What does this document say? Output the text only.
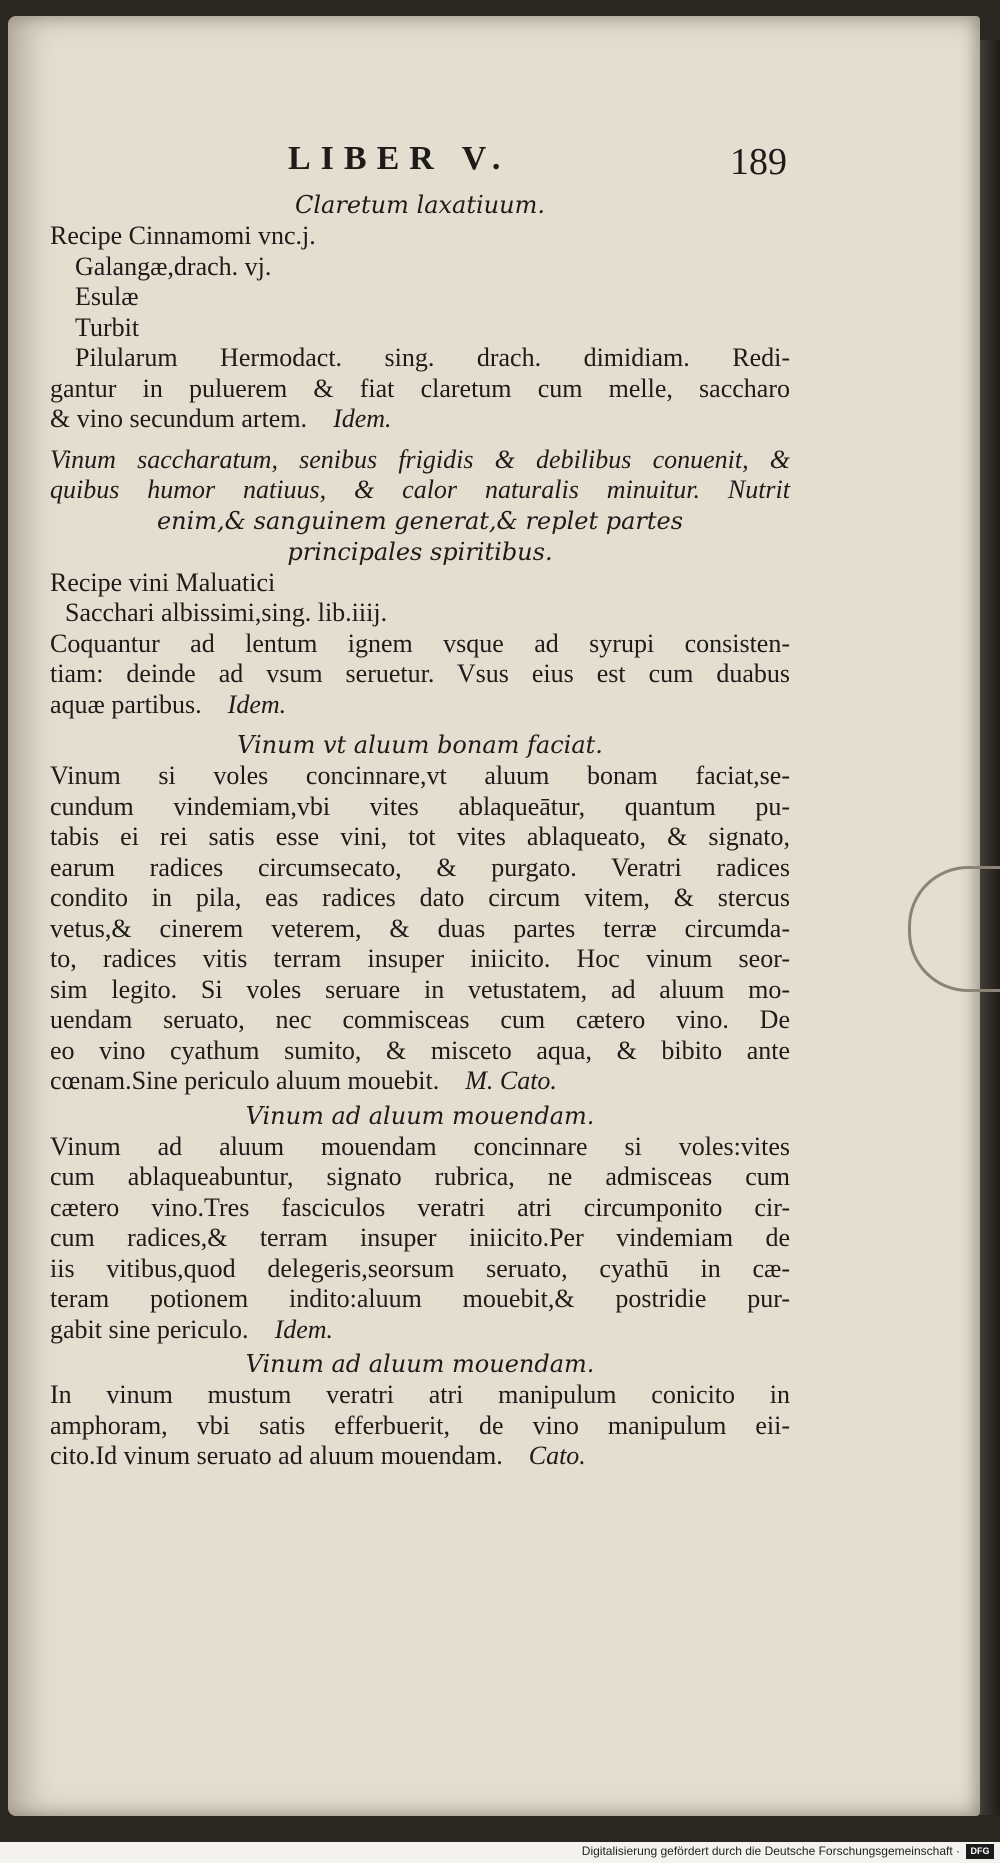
LIBER V.	189

Claretum laxatiuum.

Recipe Cinnamomi vnc.j.

Galangæ,drach. vj.

Esulæ

Turbit

Pilularum Hermodact. sing. drach. dimidiam. Redi-

gantur in puluerem & fiat claretum cum melle, saccharo

& vino secundum artem. Idem.

Vinum saccharatum, senibus frigidis & debilibus conuenit, &

quibus humor natiuus, & calor naturalis minuitur. Nutrit

enim,& sanguinem generat,& replet partes

principales spiritibus.

Recipe vini Maluatici

Sacchari albissimi,sing. lib.iiij.

Coquantur ad lentum ignem vsque ad syrupi consisten-

tiam: deinde ad vsum seruetur. Vsus eius est cum duabus

aquæ partibus. Idem.

Vinum vt aluum bonam faciat.

Vinum si voles concinnare,vt aluum bonam faciat,se-

cundum vindemiam,vbi vites ablaqueātur, quantum pu-

tabis ei rei satis esse vini, tot vites ablaqueato, & signato,

earum radices circumsecato, & purgato. Veratri radices

condito in pila, eas radices dato circum vitem, & stercus

vetus,& cinerem veterem, & duas partes terræ circumda-

to, radices vitis terram insuper iniicito. Hoc vinum seor-

sim legito. Si voles seruare in vetustatem, ad aluum mo-

uendam seruato, nec commisceas cum cætero vino. De

eo vino cyathum sumito, & misceto aqua, & bibito ante

cœnam.Sine periculo aluum mouebit. M. Cato.

Vinum ad aluum mouendam.

Vinum ad aluum mouendam concinnare si voles:vites

cum ablaqueabuntur, signato rubrica, ne admisceas cum

cætero vino.Tres fasciculos veratri atri circumponito cir-

cum radices,& terram insuper iniicito.Per vindemiam de

iis vitibus,quod delegeris,seorsum seruato, cyathū in cæ-

teram potionem indito:aluum mouebit,& postridie pur-

gabit sine periculo. Idem.

Vinum ad aluum mouendam.

In vinum mustum veratri atri manipulum conicito in

amphoram, vbi satis efferbuerit, de vino manipulum eii-

cito.Id vinum seruato ad aluum mouendam. Cato.

Digitalisierung gefördert durch die Deutsche Forschungsgemeinschaft ·	DFG
